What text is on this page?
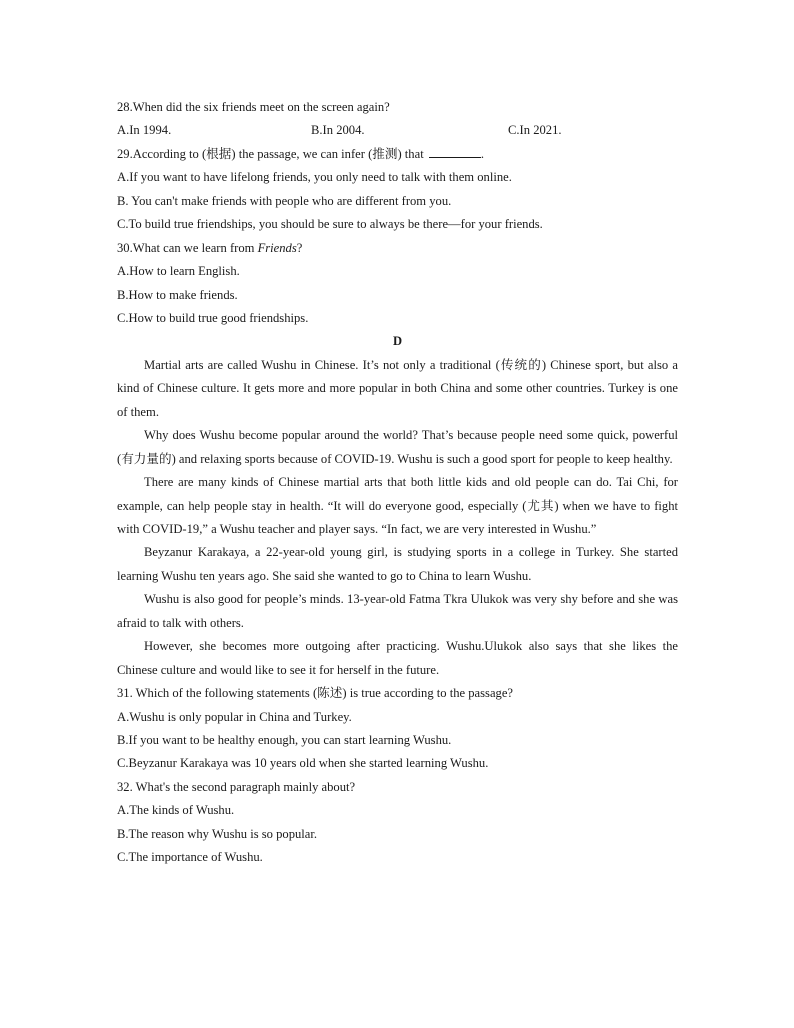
28.When did the six friends meet on the screen again?
A.In 1994.	B.In 2004.	C.In 2021.
29.According to (根据) the passage, we can infer (推测) that	.
A.If you want to have lifelong friends, you only need to talk with them online.
B. You can't make friends with people who are different from you.
C.To build true friendships, you should be sure to always be there—for your friends.
30.What can we learn from Friends?
A.How to learn English.
B.How to make friends.
C.How to build true good friendships.
D
Martial arts are called Wushu in Chinese. It’s not only a traditional (传统的) Chinese sport, but also a kind of Chinese culture. It gets more and more popular in both China and some other countries. Turkey is one of them.
Why does Wushu become popular around the world? That’s because people need some quick, powerful (有力量的) and relaxing sports because of COVID-19. Wushu is such a good sport for people to keep healthy.
There are many kinds of Chinese martial arts that both little kids and old people can do. Tai Chi, for example, can help people stay in health. “It will do everyone good, especially (尤其) when we have to fight with COVID-19,” a Wushu teacher and player says. “In fact, we are very interested in Wushu.”
Beyzanur Karakaya, a 22-year-old young girl, is studying sports in a college in Turkey. She started learning Wushu ten years ago. She said she wanted to go to China to learn Wushu.
Wushu is also good for people’s minds. 13-year-old Fatma Tkra Ulukok was very shy before and she was afraid to talk with others.
However, she becomes more outgoing after practicing. Wushu.Ulukok also says that she likes the Chinese culture and would like to see it for herself in the future.
31. Which of the following statements (陈述) is true according to the passage?
A.Wushu is only popular in China and Turkey.
B.If you want to be healthy enough, you can start learning Wushu.
C.Beyzanur Karakaya was 10 years old when she started learning Wushu.
32. What's the second paragraph mainly about?
A.The kinds of Wushu.
B.The reason why Wushu is so popular.
C.The importance of Wushu.
